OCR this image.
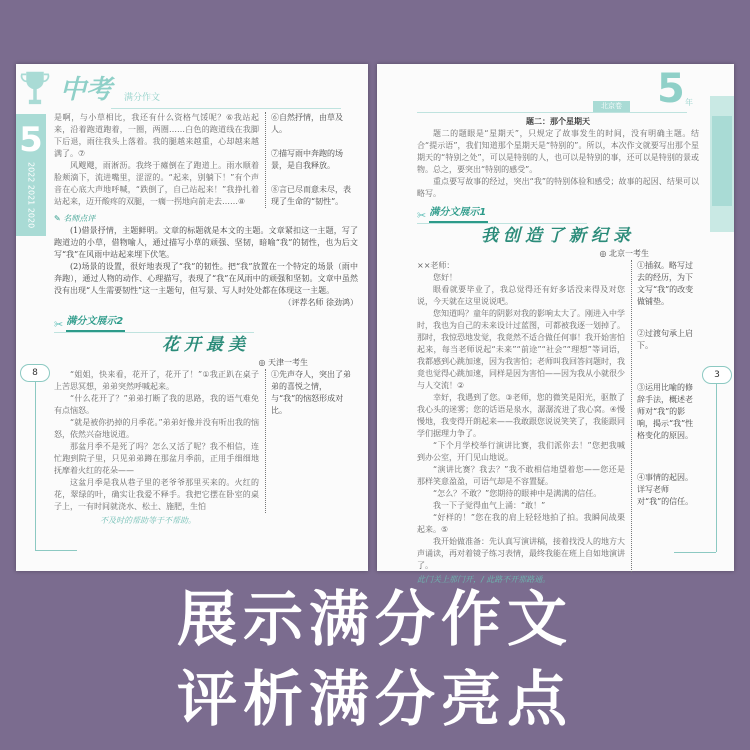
5
2022 2021 2020
中考 满分作文
8

是啊，与小草相比，我还有什么资格气馁呢？⑥我站起来，沿着跑道跑着，一圈，两圈……白色的跑道线在我脚下后退，雨往我头上落着。我的腿越来越重，心却越来越满了。⑦

风飕飕，雨淅沥。我终于瘫倒在了跑道上。雨水顺着脸颊滴下，流进嘴里，涩涩的。“起来，别躺下！”有个声音在心底大声地呼喊，“跌倒了，自己站起来！”我挣扎着站起来，迈开酸疼的双腿，一瘸一拐地向前走去……⑧

⑥自然抒情，由草及人。
⑦描写雨中奔跑的场景，是自我释放。
⑧言已尽而意未尽，表现了生命的“韧性”。
✎ 名师点评

(1)借景抒情，主题鲜明。文章的标题就是本文的主题。文章紧扣这一主题，写了跑道边的小草，借物喻人，通过描写小草的顽强、坚韧，暗喻“我”的韧性，也为后文写“我”在风雨中站起来埋下伏笔。

(2)场景的设置，很好地表现了“我”的韧性。把“我”放置在一个特定的场景（雨中奔跑），通过人物的动作、心理描写，表现了“我”在风雨中的顽强和坚韧。文章中虽然没有出现“人生需要韧性”这一主题句，但写景、写人时处处都在体现这一主题。

（评荐名师 徐劲鸿）

✂ 满分文展示2
花开最美
◎ 天津一考生

“姐姐，快来看，花开了，花开了！”①我正趴在桌子上苦思冥想，弟弟突然呼喊起来。

“什么花开了？”弟弟打断了我的思路，我的语气难免有点恼怒。

“就是被你扔掉的月季花。”弟弟好像并没有听出我的恼怒，依然兴奋地说道。

那盆月季不是死了吗？怎么又活了呢？我不相信，连忙跑到院子里，只见弟弟蹲在那盆月季前，正用手细细地抚摩着火红的花朵——

这盆月季是我从巷子里的老爷爷那里买来的。火红的花，翠绿的叶，确实让我爱不释手。我把它摆在卧室的桌子上，一有时间就浇水、松土、施肥，生怕

①先声夺人，突出了弟弟的喜悦之情，与“我”的恼怒形成对比。
不及时的帮助等于不帮助。
北京卷 5 年
3
题二：那个星期天

题二的题眼是“星期天”，只规定了故事发生的时间，没有明确主题。结合“提示语”，我们知道那个星期天是“特别的”。所以，本次作文就要写出那个星期天的“特别之处”，可以是特别的人，也可以是特别的事，还可以是特别的景或物。总之，要突出“特别的感受”。

重点要写故事的经过，突出“我”的特别体验和感受；故事的起因、结果可以略写。

✂ 满分文展示1
我创造了新纪录
◎ 北京一考生

××老师：

您好！

眼看就要毕业了，我总觉得还有好多话没来得及对您说，今天就在这里说说吧。

您知道吗？童年的阴影对我的影响太大了。刚进入中学时，我也为自己的未来设计过蓝图，可都被我逐一划掉了。那时，我惊恐地发觉，我竟然不适合做任何事！我开始害怕起来，每当老师说起“未来”“前途”“社会”“理想”等词语，我都感到心跳加速，因为我害怕；老师叫我回答问题时，我竟也觉得心跳加速，同样是因为害怕——因为我从小就很少与人交流！②

幸好，我遇到了您。③老师，您的微笑是阳光，驱散了我心头的迷雾；您的话语是泉水，潺潺流进了我心窝。④慢慢地，我变得开朗起来——我敢跟您说说笑笑了，我能跟同学们据理力争了。

“下个月学校举行演讲比赛，我们派你去！”您把我喊到办公室，开门见山地说。

“演讲比赛？我去？”我不敢相信地望着您——您还是那样笑意盈盈，可语气却是不容置疑。

“怎么？不敢？”您期待的眼神中是满满的信任。

我一下子觉得血气上涌：“敢！”

“好样的！”您在我的肩上轻轻地拍了拍。我瞬间战栗起来。⑤

我开始做准备：先认真写演讲稿，接着找没人的地方大声诵读，再对着镜子练习表情，最终我能在班上自如地演讲了。

①插叙。略写过去的经历，为下文写“我”的改变做铺垫。
②过渡句承上启下。
③运用比喻的修辞手法，概述老师对“我”的影响，揭示“我”性格变化的原因。
④事情的起因。详写老师对“我”的信任。
此门关上那门开，/ 此路不开那路通。
展示满分作文
评析满分亮点
